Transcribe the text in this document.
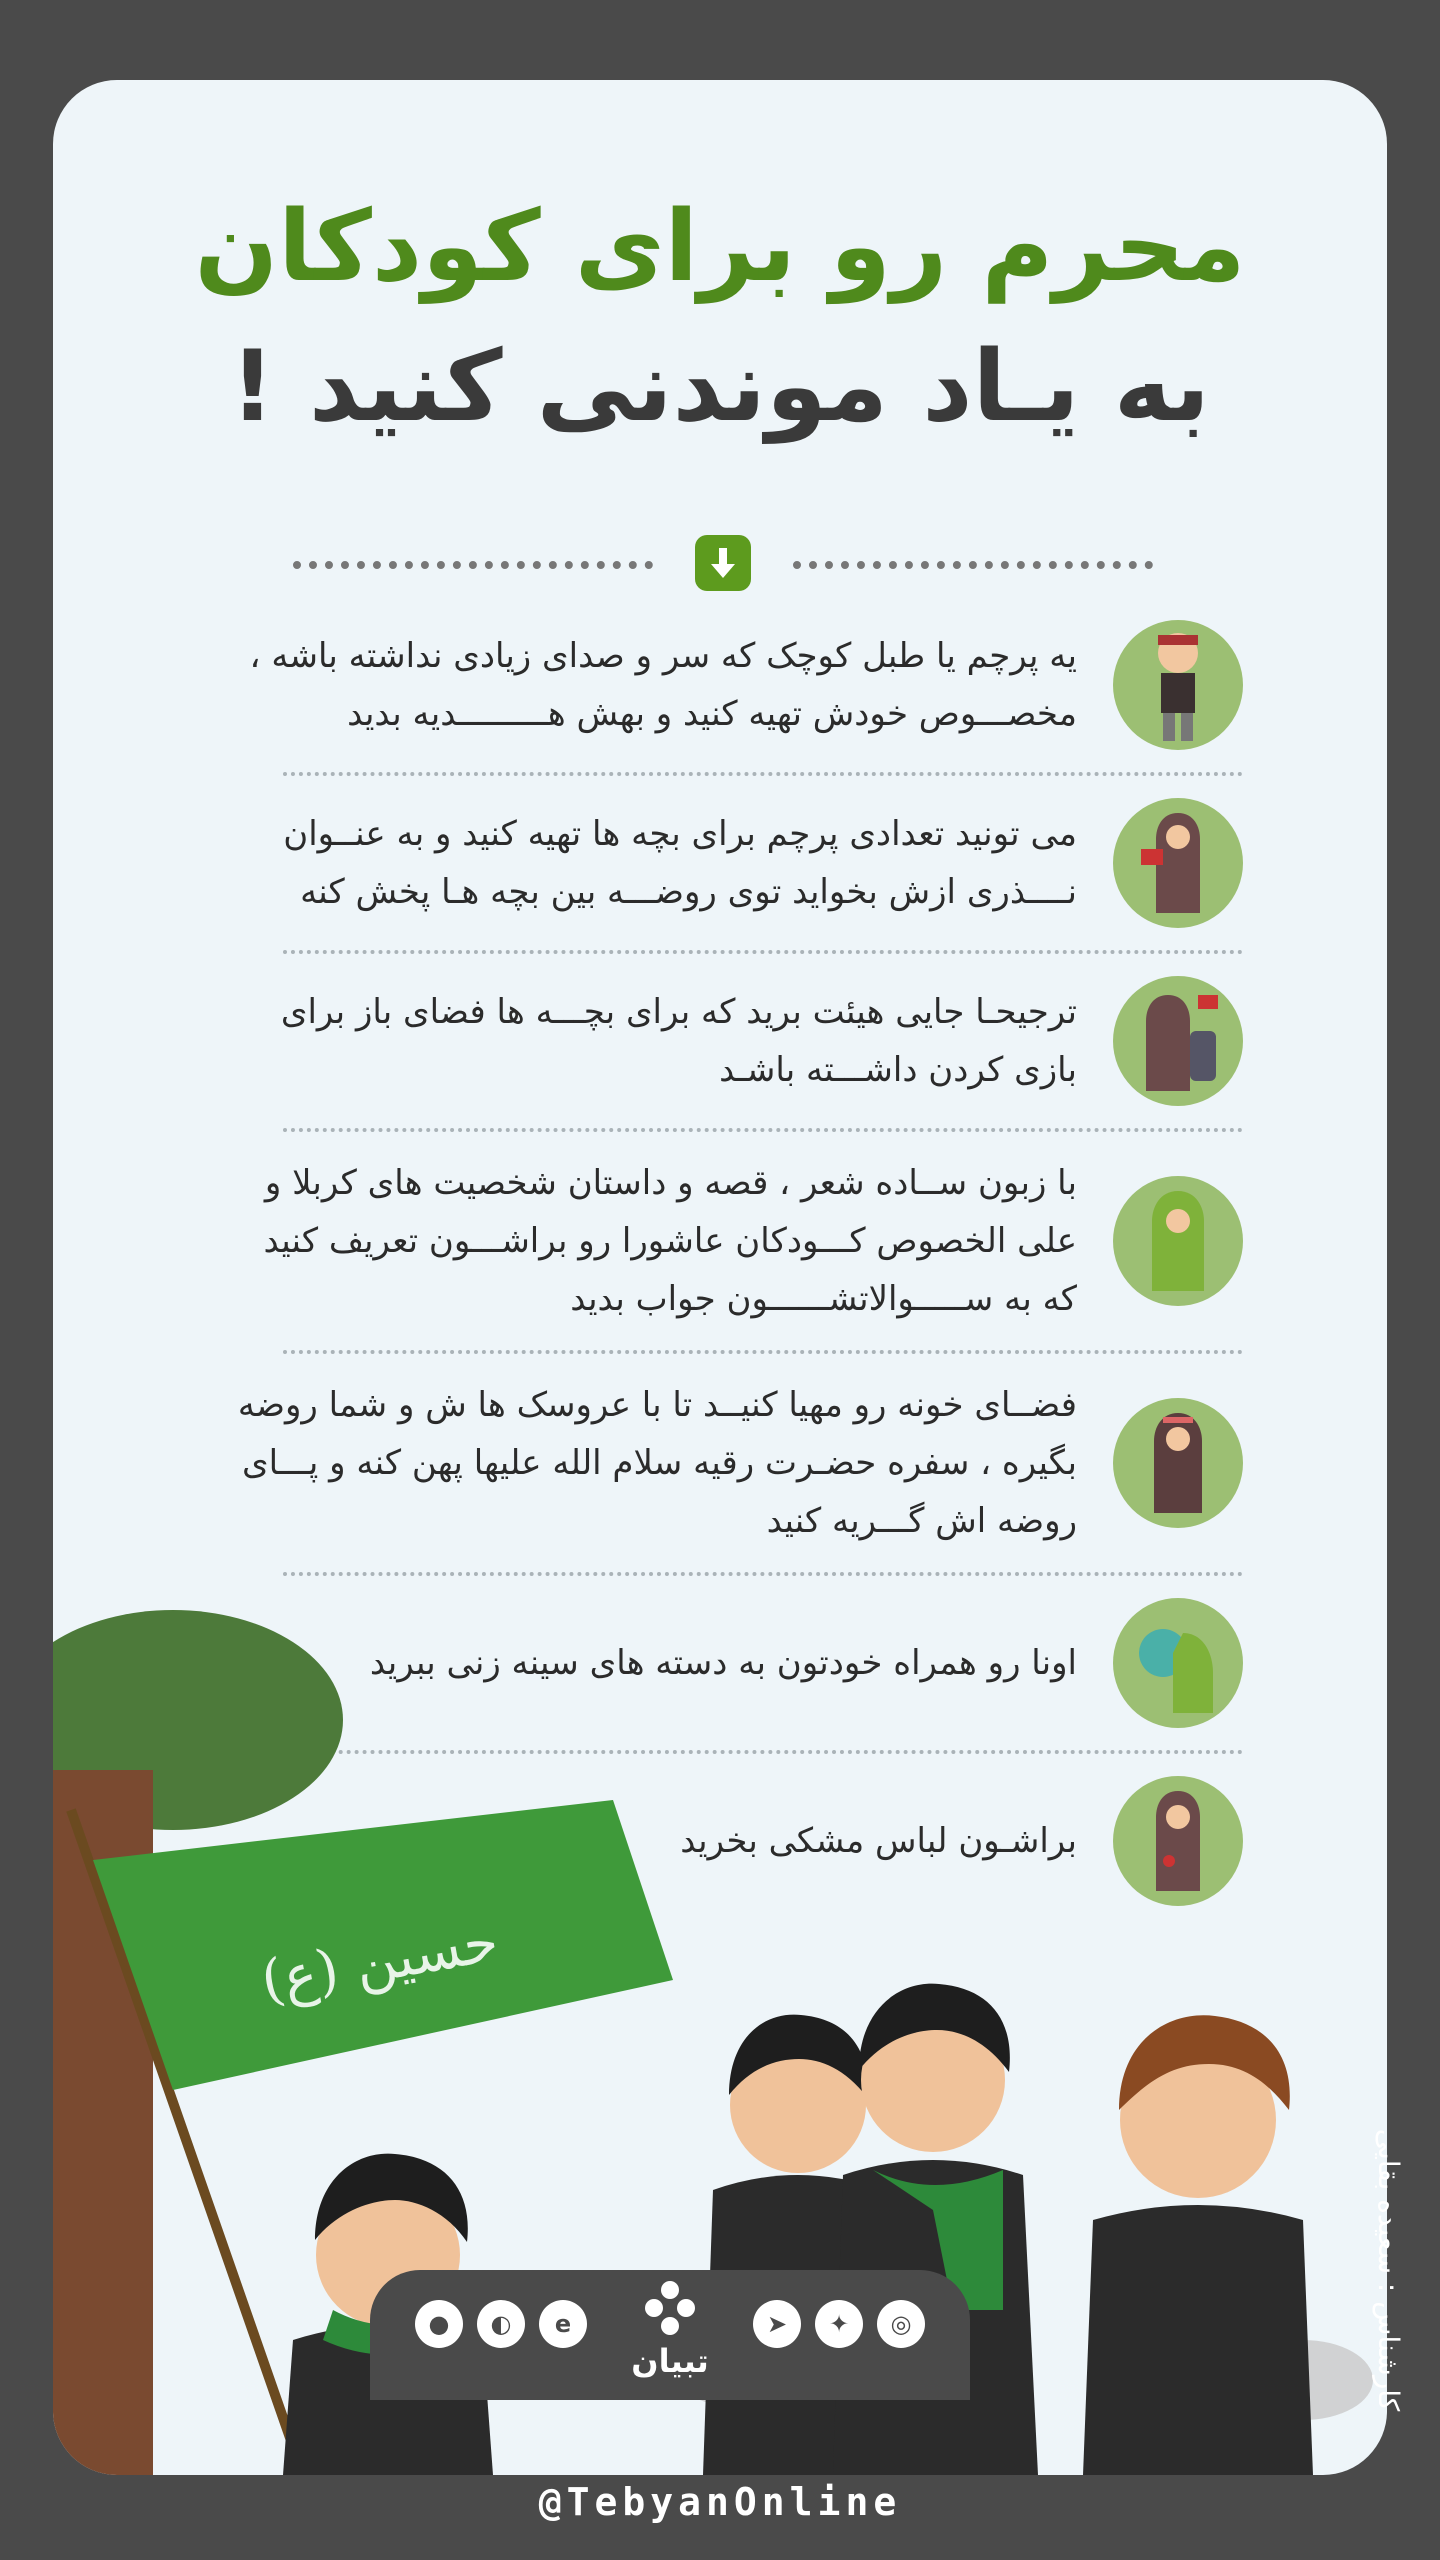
محرم رو برای کودکان
به یـاد موندنی کنید !
یه پرچم یا طبل کوچک که سر و صدای زیادی نداشته باشه ، مخصـــوص خودش تهیه کنید و بهش هـــــــــدیه بدید
می تونید تعدادی پرچم برای بچه ها تهیه کنید و به عنــوان نــــذری ازش بخواید توی روضـــه بین بچه هـا پخش کنه
ترجیحـا جایی هیئت برید که برای بچـــه ها فضای باز برای بازی کردن داشـــته باشـد
با زبون ســاده شعر ، قصه و داستان شخصیت های کربلا و علی الخصوص کـــودکان عاشورا رو براشـــون تعریف کنید که به ســـــوالاتشــــــون جواب بدید
فضــای خونه رو مهیا کنیــد تا با عروسک ها ش و شما روضه بگیره ، سفره حضـرت رقیه سلام الله علیها پهن کنه و پـــای روضه اش گـــریه کنید
اونا رو همراه خودتون به دسته های سینه زنی ببرید
براشـون لباس مشکی بخرید
حسین (ع)
●	◐	e
تبیان
➤	✦	◎
@TebyanOnline
کارشناس : سعیده بقایی
